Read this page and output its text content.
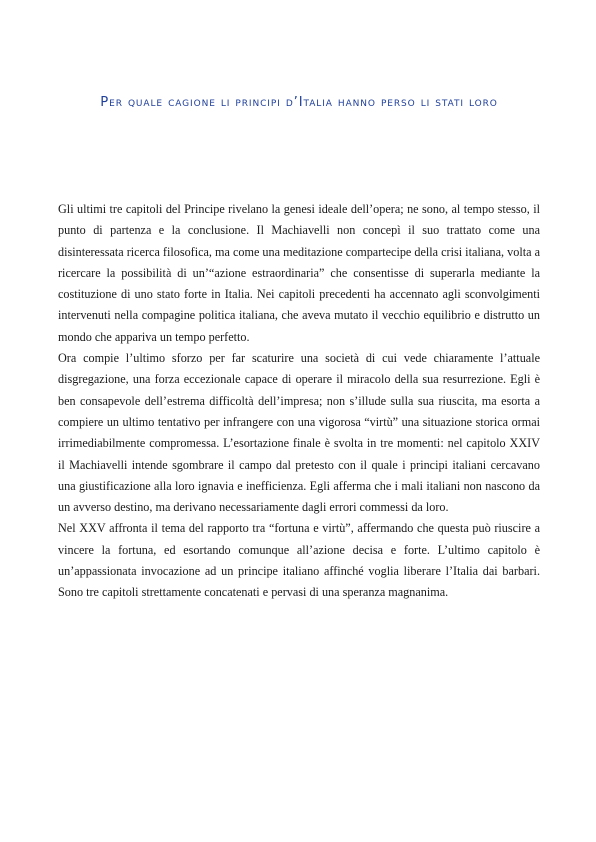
Per quale cagione li principi d’Italia hanno perso li stati loro

Gli ultimi tre capitoli del Principe rivelano la genesi ideale dell’opera; ne sono, al tempo stesso, il punto di partenza e la conclusione. Il Machiavelli non concepì il suo trattato come una disinteressata ricerca filosofica, ma come una meditazione compartecipe della crisi italiana, volta a ricercare la possibilità di un’“azione estraordinaria” che consentisse di superarla mediante la costituzione di uno stato forte in Italia. Nei capitoli precedenti ha accennato agli sconvolgimenti intervenuti nella compagine politica italiana, che aveva mutato il vecchio equilibrio e distrutto un mondo che appariva un tempo perfetto.

Ora compie l’ultimo sforzo per far scaturire una società di cui vede chiaramente l’attuale disgregazione, una forza eccezionale capace di operare il miracolo della sua resurrezione. Egli è ben consapevole dell’estrema difficoltà dell’impresa; non s’illude sulla sua riuscita, ma esorta a compiere un ultimo tentativo per infrangere con una vigorosa “virtù” una situazione storica ormai irrimediabilmente compromessa. L’esortazione finale è svolta in tre momenti: nel capitolo XXIV il Machiavelli intende sgombrare il campo dal pretesto con il quale i principi italiani cercavano una giustificazione alla loro ignavia e inefficienza. Egli afferma che i mali italiani non nascono da un avverso destino, ma derivano necessariamente dagli errori commessi da loro.

Nel XXV affronta il tema del rapporto tra “fortuna e virtù”, affermando che questa può riuscire a vincere la fortuna, ed esortando comunque all’azione decisa e forte. L’ultimo capitolo è un’appassionata invocazione ad un principe italiano affinché voglia liberare l’Italia dai barbari. Sono tre capitoli strettamente concatenati e pervasi di una speranza magnanima.
